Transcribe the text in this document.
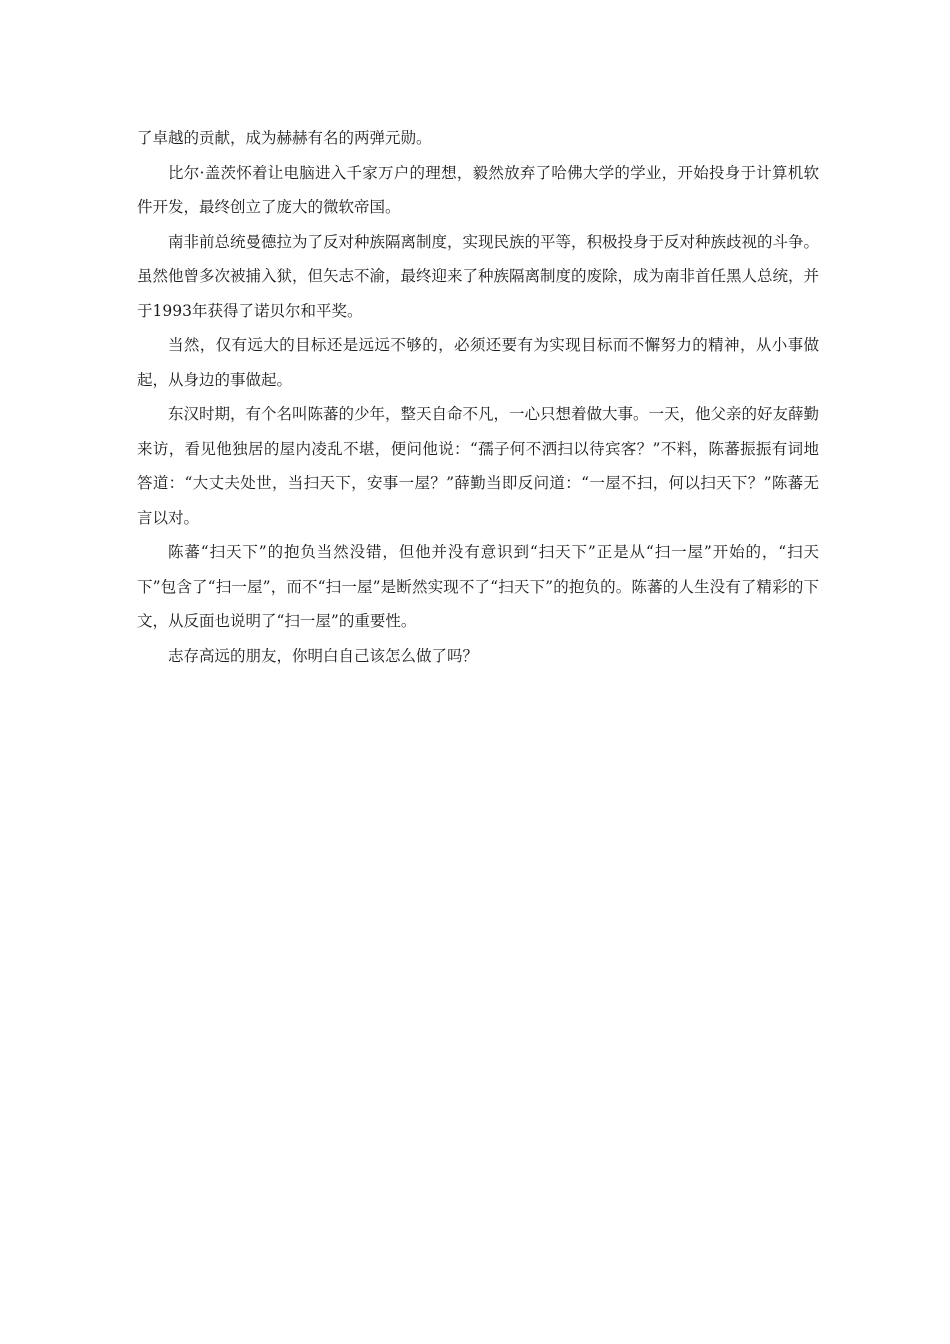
了卓越的贡献，成为赫赫有名的两弹元勋。

比尔·盖茨怀着让电脑进入千家万户的理想，毅然放弃了哈佛大学的学业，开始投身于计算机软件开发，最终创立了庞大的微软帝国。

南非前总统曼德拉为了反对种族隔离制度，实现民族的平等，积极投身于反对种族歧视的斗争。虽然他曾多次被捕入狱，但矢志不渝，最终迎来了种族隔离制度的废除，成为南非首任黑人总统，并于1993年获得了诺贝尔和平奖。

当然，仅有远大的目标还是远远不够的，必须还要有为实现目标而不懈努力的精神，从小事做起，从身边的事做起。

东汉时期，有个名叫陈蕃的少年，整天自命不凡，一心只想着做大事。一天，他父亲的好友薛勤来访，看见他独居的屋内凌乱不堪，便问他说：“孺子何不洒扫以待宾客？”不料，陈蕃振振有词地答道：“大丈夫处世，当扫天下，安事一屋？”薛勤当即反问道：“一屋不扫，何以扫天下？”陈蕃无言以对。

陈蕃“扫天下”的抱负当然没错，但他并没有意识到“扫天下”正是从“扫一屋”开始的，“扫天下”包含了“扫一屋”，而不“扫一屋”是断然实现不了“扫天下”的抱负的。陈蕃的人生没有了精彩的下文，从反面也说明了“扫一屋”的重要性。

志存高远的朋友，你明白自己该怎么做了吗？
